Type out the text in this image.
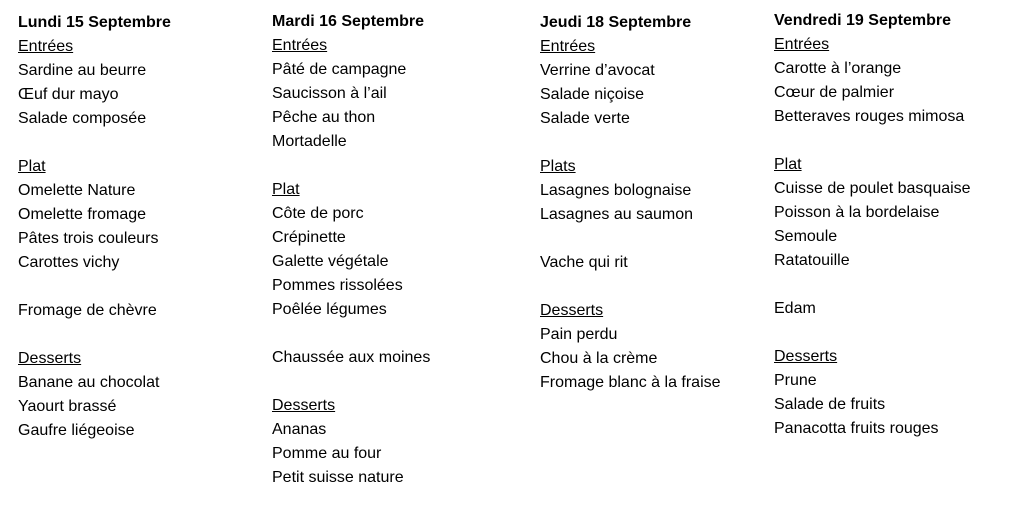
Lundi 15 Septembre
Entrées
Sardine au beurre
Œuf dur mayo
Salade composée
Plat
Omelette Nature
Omelette fromage
Pâtes trois couleurs
Carottes vichy
Fromage de chèvre
Desserts
Banane au chocolat
Yaourt brassé
Gaufre liégeoise
Mardi 16 Septembre
Entrées
Pâté de campagne
Saucisson à l’ail
Pêche au thon
Mortadelle
Plat
Côte de porc
Crépinette
Galette végétale
Pommes rissolées
Poêlée légumes
Chaussée aux moines
Desserts
Ananas
Pomme au four
Petit suisse nature
Jeudi 18 Septembre
Entrées
Verrine d’avocat
Salade niçoise
Salade verte
Plats
Lasagnes bolognaise
Lasagnes au saumon
Vache qui rit
Desserts
Pain perdu
Chou à la crème
Fromage blanc à la fraise
Vendredi 19 Septembre
Entrées
Carotte à l’orange
Cœur de palmier
Betteraves rouges mimosa
Plat
Cuisse de poulet basquaise
Poisson à la bordelaise
Semoule
Ratatouille
Edam
Desserts
Prune
Salade de fruits
Panacotta fruits rouges
